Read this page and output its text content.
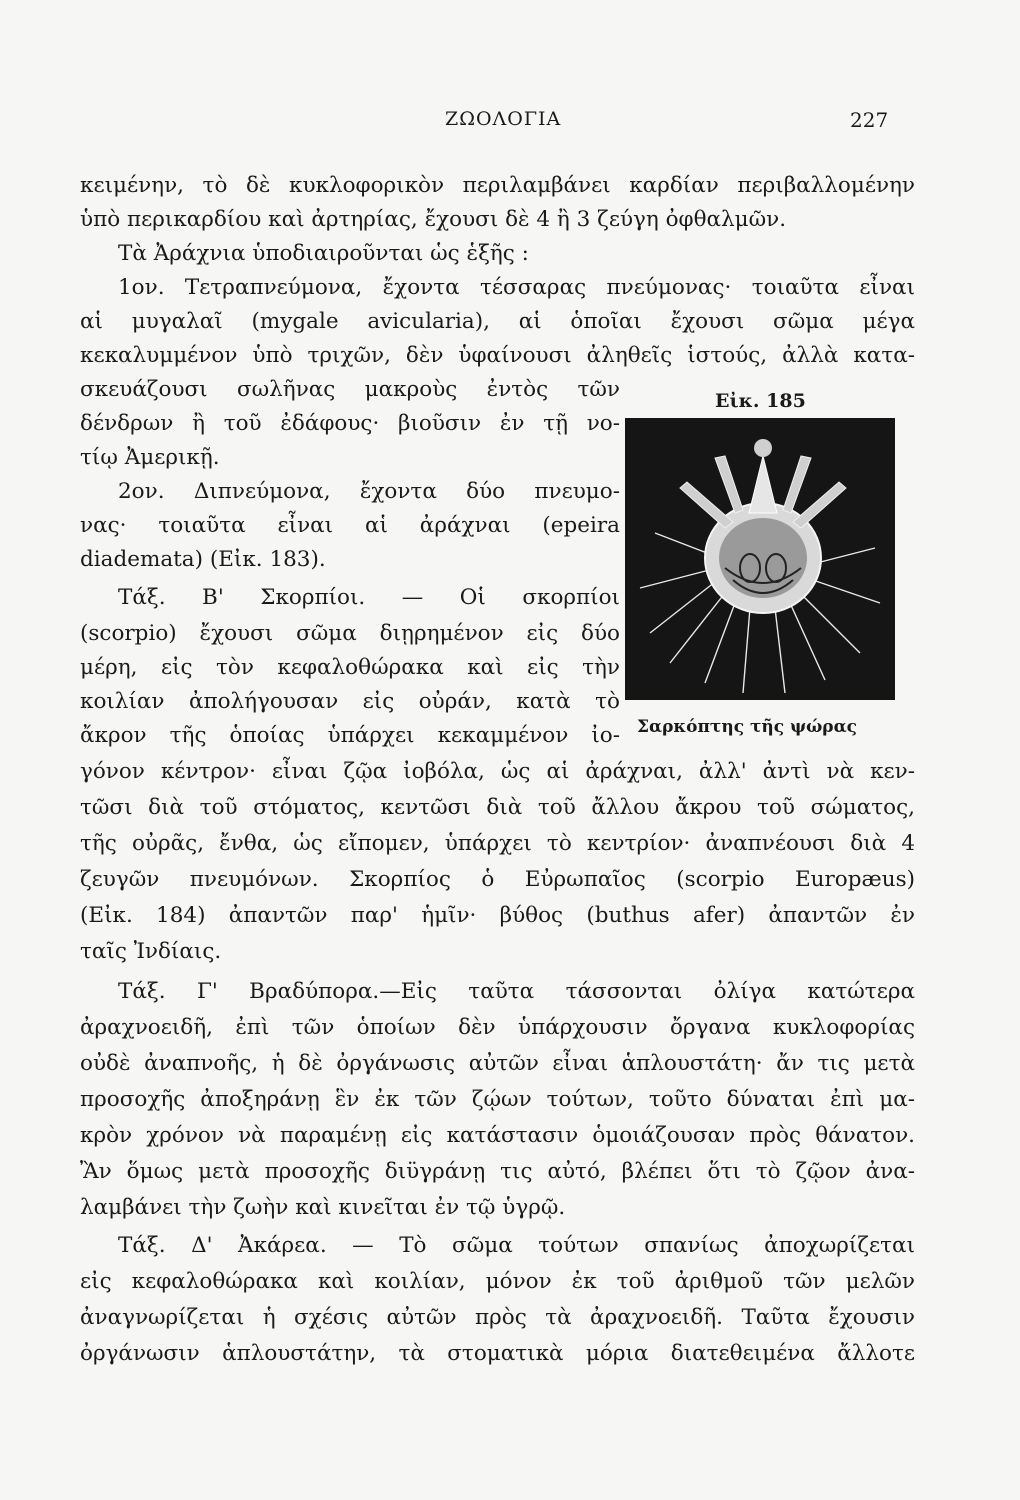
ΖΩΟΛΟΓΙΑ	227
κειμένην, τὸ δὲ κυκλοφορικὸν περιλαμβάνει καρδίαν περιβαλλομένην
ὑπὸ περικαρδίου καὶ ἀρτηρίας, ἔχουσι δὲ 4 ἢ 3 ζεύγη ὀφθαλμῶν.
Τὰ Ἀράχνια ὑποδιαιροῦνται ὡς ἑξῆς :
1ον. Τετραπνεύμονα, ἔχοντα τέσσαρας πνεύμονας· τοιαῦτα εἶναι
αἱ μυγαλαῖ (mygale avicularia), αἱ ὁποῖαι ἔχουσι σῶμα μέγα
κεκαλυμμένον ὑπὸ τριχῶν, δὲν ὑφαίνουσι ἀληθεῖς ἱστούς, ἀλλὰ κατα-
σκευάζουσι σωλῆνας μακροὺς ἐντὸς τῶν
δένδρων ἢ τοῦ ἐδάφους· βιοῦσιν ἐν τῇ νο-
τίῳ Ἀμερικῇ.
2ον. Διπνεύμονα, ἔχοντα δύο πνευμο-
νας· τοιαῦτα εἶναι αἱ ἀράχναι (epeira
diademata) (Εἰκ. 183).
Τάξ. Β' Σκορπίοι. — Οἱ σκορπίοι
(scorpio) ἔχουσι σῶμα διῃρημένον εἰς δύο
μέρη, εἰς τὸν κεφαλοθώρακα καὶ εἰς τὴν
κοιλίαν ἀπολήγουσαν εἰς οὐράν, κατὰ τὸ
ἄκρον τῆς ὁποίας ὑπάρχει κεκαμμένον ἰο-
γόνον κέντρον· εἶναι ζῷα ἰοβόλα, ὡς αἱ ἀράχναι, ἀλλ' ἀντὶ νὰ κεν-
τῶσι διὰ τοῦ στόματος, κεντῶσι διὰ τοῦ ἄλλου ἄκρου τοῦ σώματος,
τῆς οὐρᾶς, ἔνθα, ὡς εἴπομεν, ὑπάρχει τὸ κεντρίον· ἀναπνέουσι διὰ 4
ζευγῶν πνευμόνων. Σκορπίος ὁ Εὐρωπαῖος (scorpio Europæus)
(Εἰκ. 184) ἀπαντῶν παρ' ἡμῖν· βύθος (buthus afer) ἀπαντῶν ἐν
ταῖς Ἰνδίαις.
Τάξ. Γ' Βραδύπορα.—Εἰς ταῦτα τάσσονται ὀλίγα κατώτερα
ἀραχνοειδῆ, ἐπὶ τῶν ὁποίων δὲν ὑπάρχουσιν ὄργανα κυκλοφορίας
οὐδὲ ἀναπνοῆς, ἡ δὲ ὀργάνωσις αὐτῶν εἶναι ἁπλουστάτη· ἄν τις μετὰ
προσοχῆς ἀποξηράνῃ ἓν ἐκ τῶν ζῴων τούτων, τοῦτο δύναται ἐπὶ μα-
κρὸν χρόνον νὰ παραμένῃ εἰς κατάστασιν ὁμοιάζουσαν πρὸς θάνατον.
Ἂν ὅμως μετὰ προσοχῆς διϋγράνῃ τις αὐτό, βλέπει ὅτι τὸ ζῷον ἀνα-
λαμβάνει τὴν ζωὴν καὶ κινεῖται ἐν τῷ ὑγρῷ.
Τάξ. Δ' Ἀκάρεα. — Τὸ σῶμα τούτων σπανίως ἀποχωρίζεται
εἰς κεφαλοθώρακα καὶ κοιλίαν, μόνον ἐκ τοῦ ἀριθμοῦ τῶν μελῶν
ἀναγνωρίζεται ἡ σχέσις αὐτῶν πρὸς τὰ ἀραχνοειδῆ. Ταῦτα ἔχουσιν
ὀργάνωσιν ἁπλουστάτην, τὰ στοματικὰ μόρια διατεθειμένα ἄλλοτε
Εἰκ. 185
Σαρκόπτης τῆς ψώρας
